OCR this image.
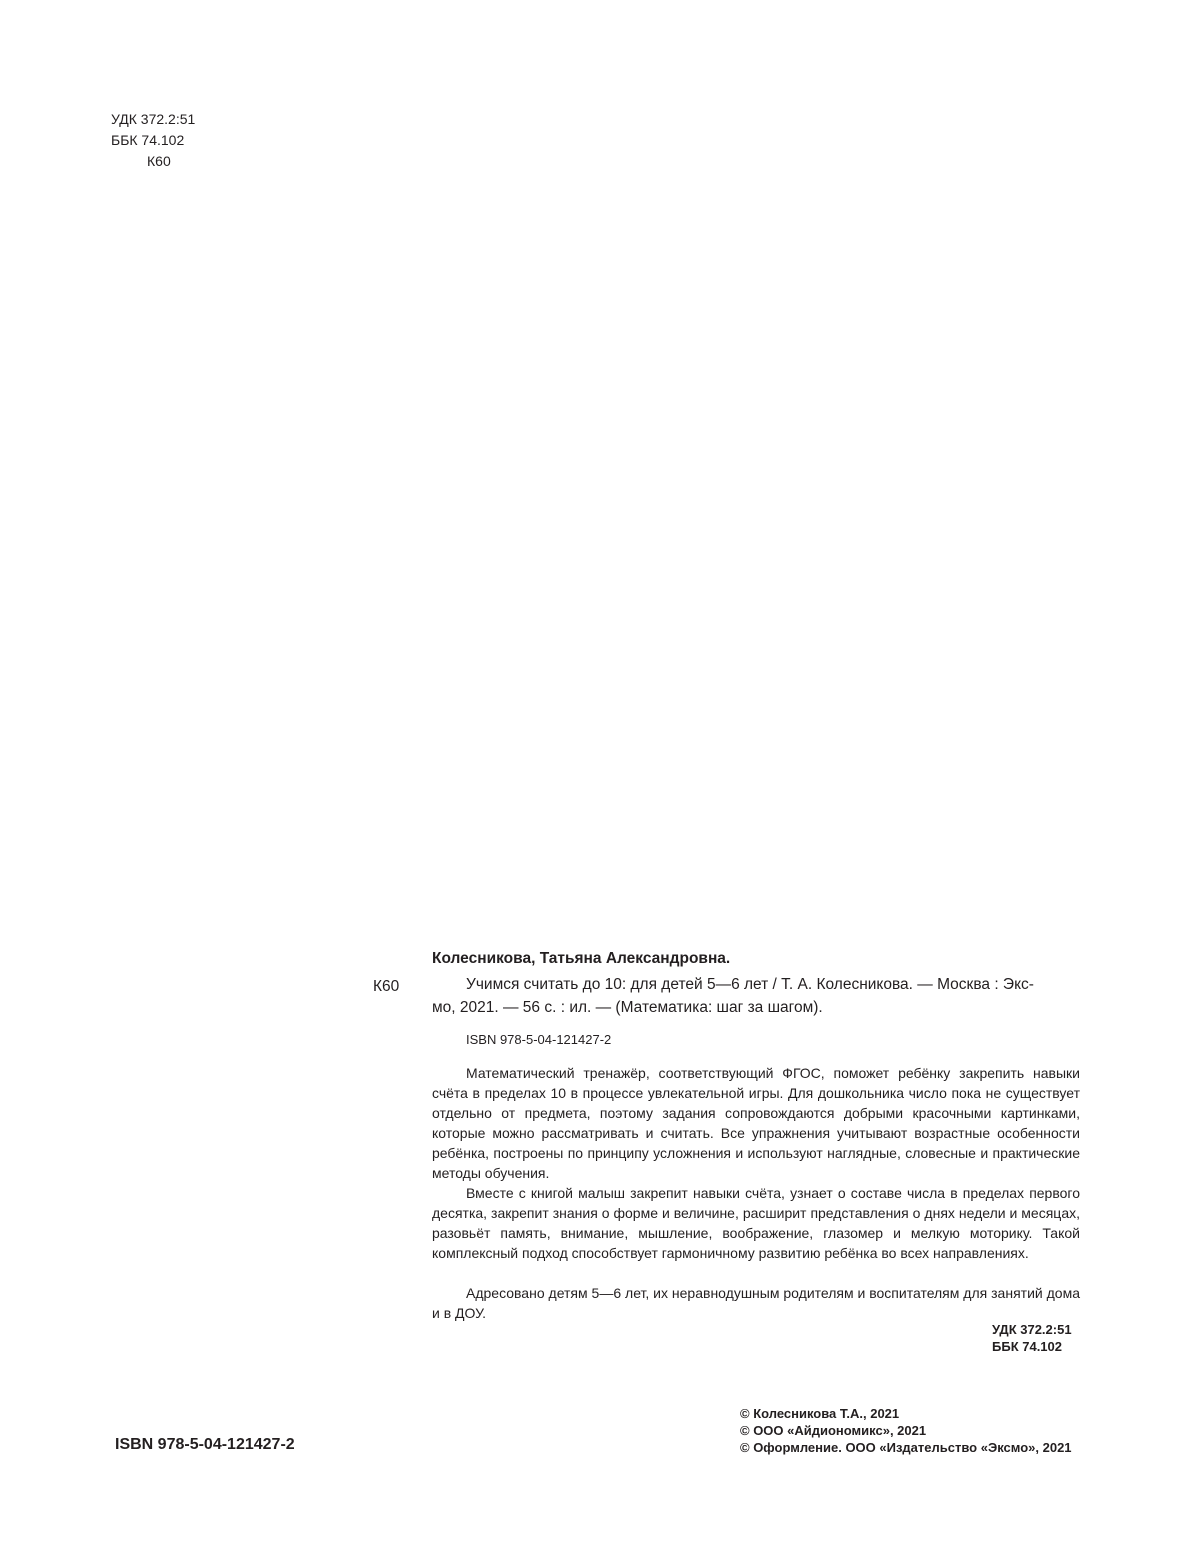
УДК 372.2:51
ББК 74.102
К60
Колесникова, Татьяна Александровна.
К60	Учимся считать до 10: для детей 5—6 лет / Т. А. Колесникова. — Москва : Экс-
мо, 2021. — 56 с. : ил. — (Математика: шаг за шагом).
ISBN 978-5-04-121427-2
Математический тренажёр, соответствующий ФГОС, поможет ребёнку закрепить навыки счёта в пределах 10 в процессе увлекательной игры. Для дошкольника число пока не существует отдельно от предмета, поэтому задания сопровождаются добрыми красочными картинками, которые можно рассматривать и считать. Все упражнения учитывают возрастные особенности ребёнка, построены по принципу усложнения и используют наглядные, словесные и практические методы обучения.
Вместе с книгой малыш закрепит навыки счёта, узнает о составе числа в пределах первого десятка, закрепит знания о форме и величине, расширит представления о днях недели и месяцах, разовьёт память, внимание, мышление, воображение, глазомер и мелкую моторику. Такой комплексный подход способствует гармоничному развитию ребёнка во всех направлениях.
Адресовано детям 5—6 лет, их неравнодушным родителям и воспитателям для занятий дома и в ДОУ.
УДК 372.2:51
ББК 74.102
ISBN 978-5-04-121427-2
© Колесникова Т.А., 2021
© ООО «Айдиономикс», 2021
© Оформление. ООО «Издательство «Эксмо», 2021
